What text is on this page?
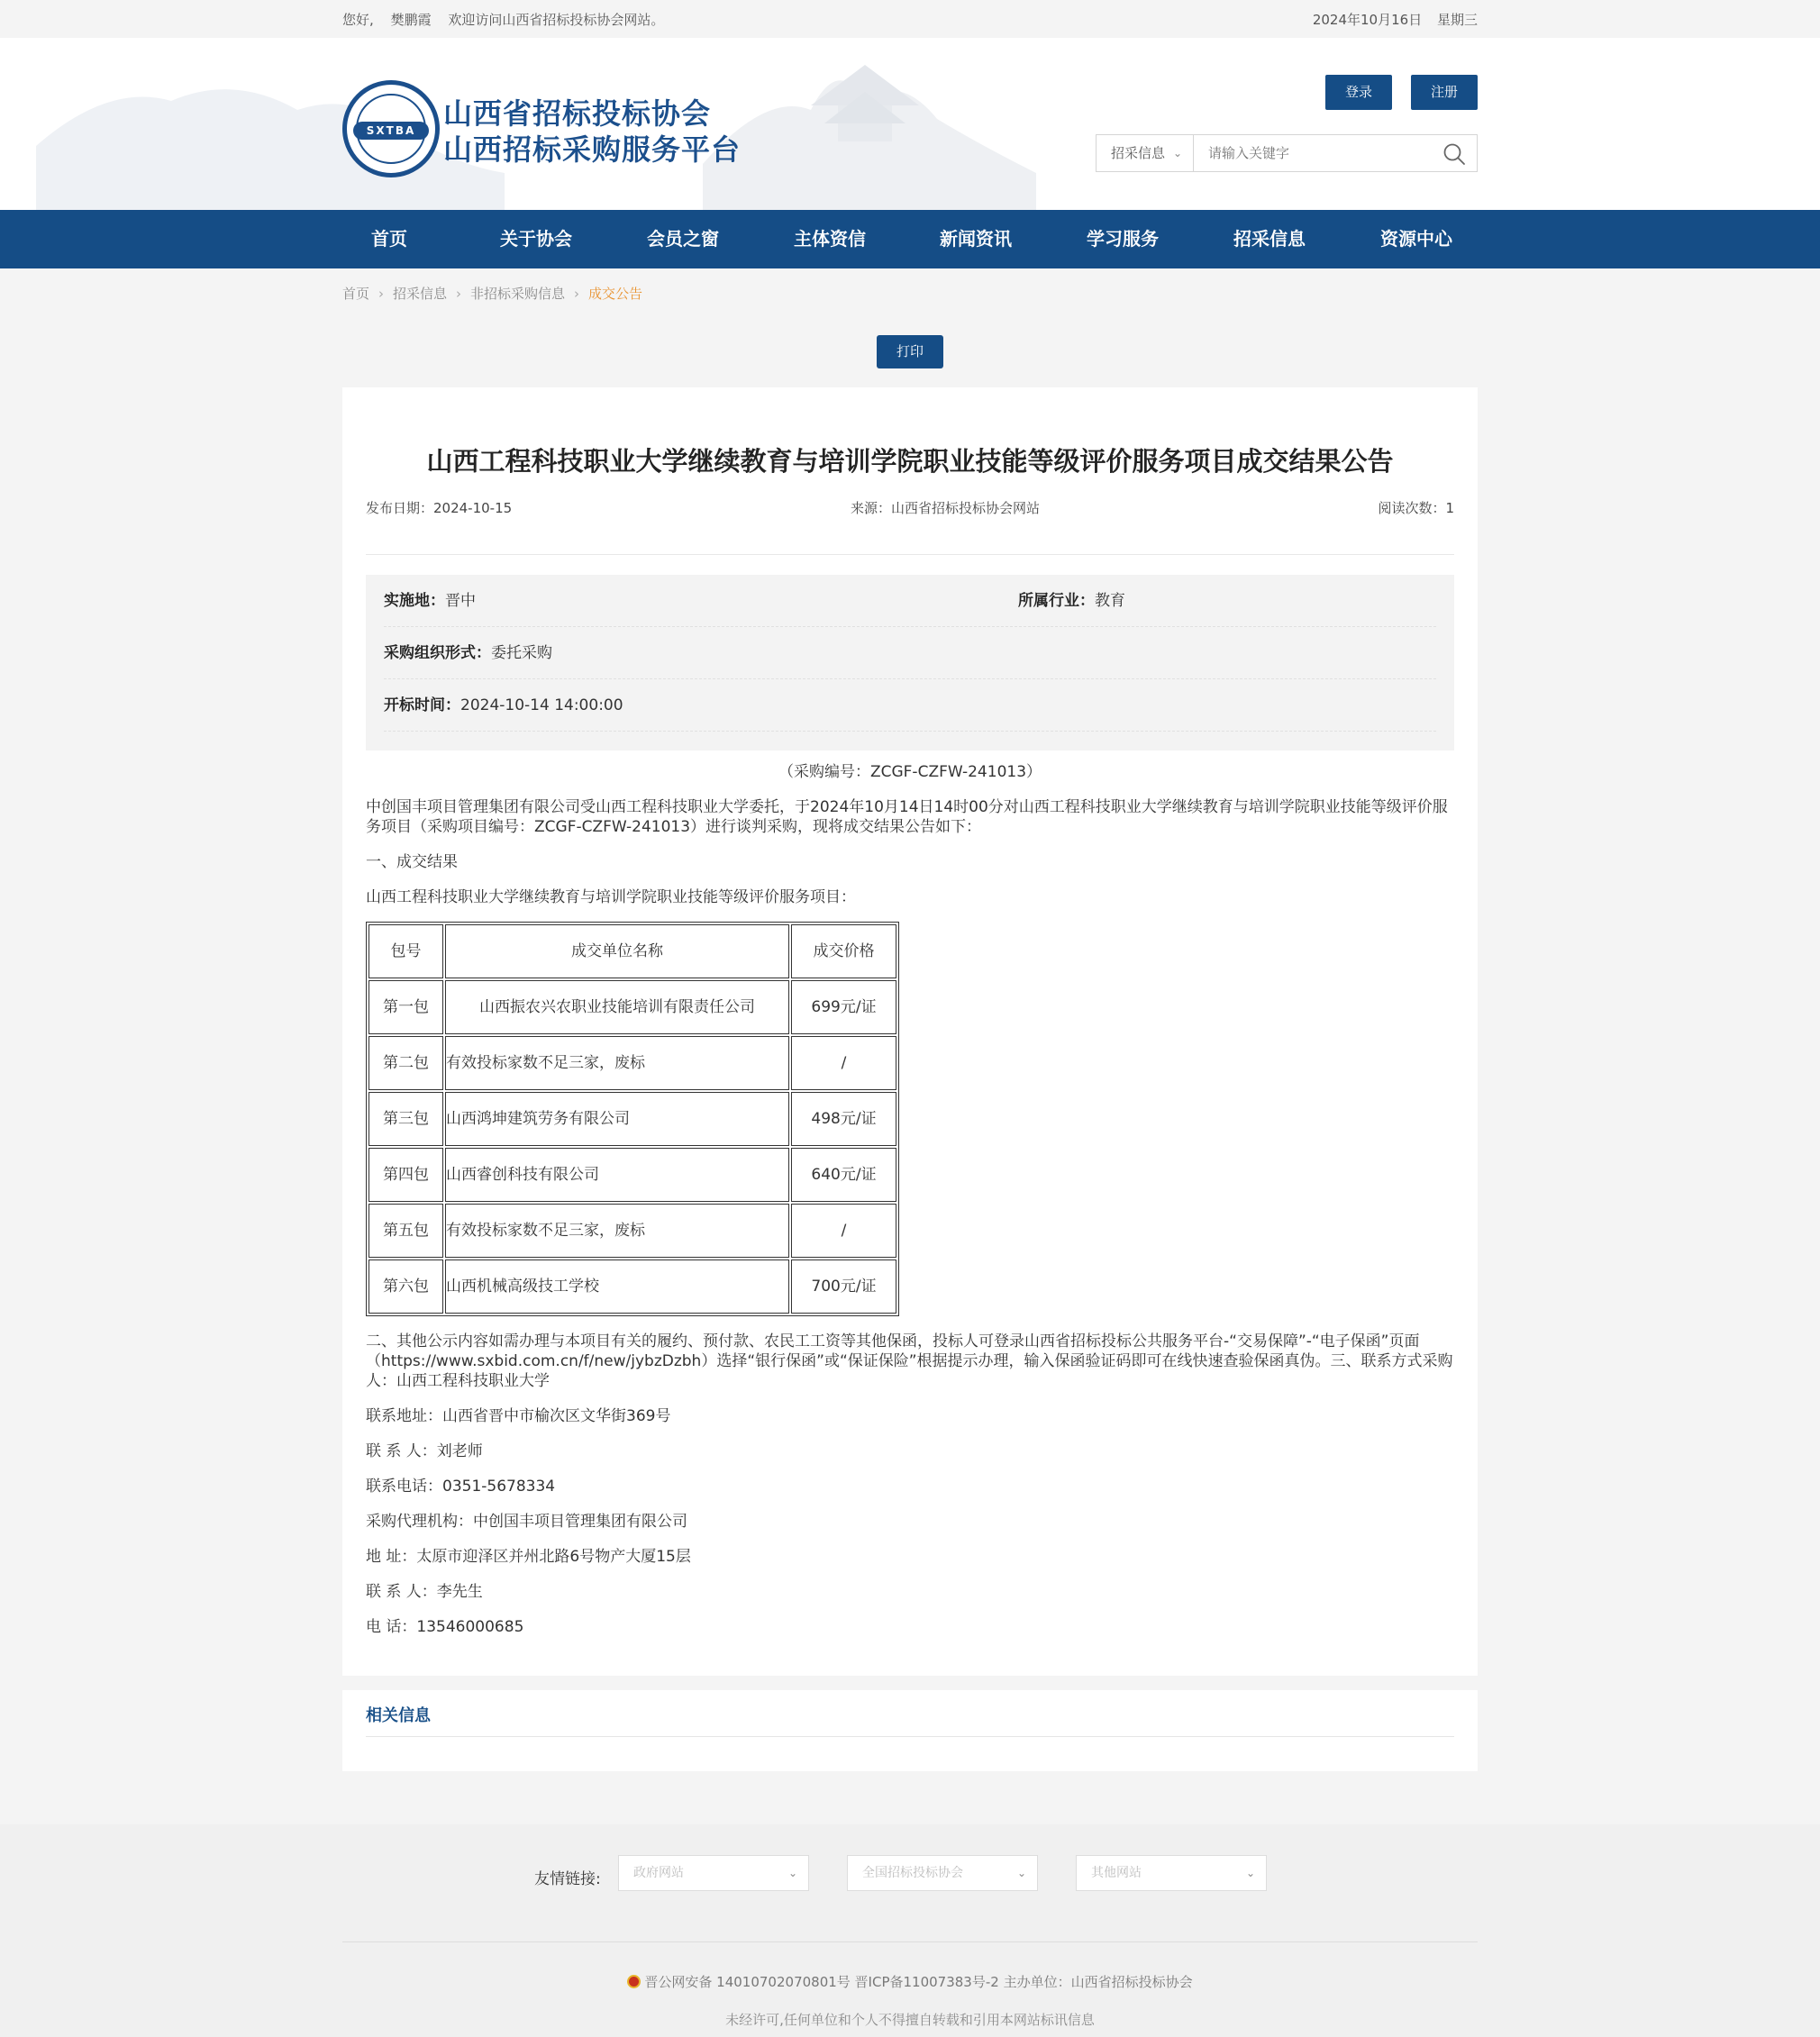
您好, 樊鹏霞 欢迎访问山西省招标投标协会网站。	2024年10月16日 星期三
SXTBA 山西省招标投标协会
山西招标采购服务平台
登录	注册
招采信息 ⌄
请输入关键字
首页	关于协会	会员之窗	主体资信	新闻资讯	学习服务	招采信息	资源中心
首页 › 招采信息 › 非招标采购信息 › 成交公告
打印
山西工程科技职业大学继续教育与培训学院职业技能等级评价服务项目成交结果公告
发布日期：2024-10-15	来源：山西省招标投标协会网站	阅读次数：1
实施地：晋中	所属行业：教育
采购组织形式：委托采购
开标时间：2024-10-14 14:00:00
（采购编号：ZCGF-CZFW-241013）
中创国丰项目管理集团有限公司受山西工程科技职业大学委托，于2024年10月14日14时00分对山西工程科技职业大学继续教育与培训学院职业技能等级评价服务项目（采购项目编号：ZCGF-CZFW-241013）进行谈判采购，现将成交结果公告如下：
一、成交结果
山西工程科技职业大学继续教育与培训学院职业技能等级评价服务项目：
包号	成交单位名称	成交价格
第一包	山西振农兴农职业技能培训有限责任公司	699元/证
第二包	有效投标家数不足三家，废标	/
第三包	山西鸿坤建筑劳务有限公司	498元/证
第四包	山西睿创科技有限公司	640元/证
第五包	有效投标家数不足三家，废标	/
第六包	山西机械高级技工学校	700元/证
二、其他公示内容如需办理与本项目有关的履约、预付款、农民工工资等其他保函，投标人可登录山西省招标投标公共服务平台-“交易保障”-“电子保函”页面（https://www.sxbid.com.cn/f/new/jybzDzbh）选择“银行保函”或“保证保险”根据提示办理，输入保函验证码即可在线快速查验保函真伪。三、联系方式采购人：山西工程科技职业大学
联系地址：山西省晋中市榆次区文华街369号
联 系 人：刘老师
联系电话：0351-5678334
采购代理机构：中创国丰项目管理集团有限公司
地 址：太原市迎泽区并州北路6号物产大厦15层
联 系 人：李先生
电 话：13546000685
相关信息
友情链接:	政府网站	⌄	全国招标投标协会	⌄	其他网站	⌄
晋公网安备 14010702070801号 晋ICP备11007383号-2 主办单位：山西省招标投标协会
未经许可,任何单位和个人不得擅自转载和引用本网站标讯信息
